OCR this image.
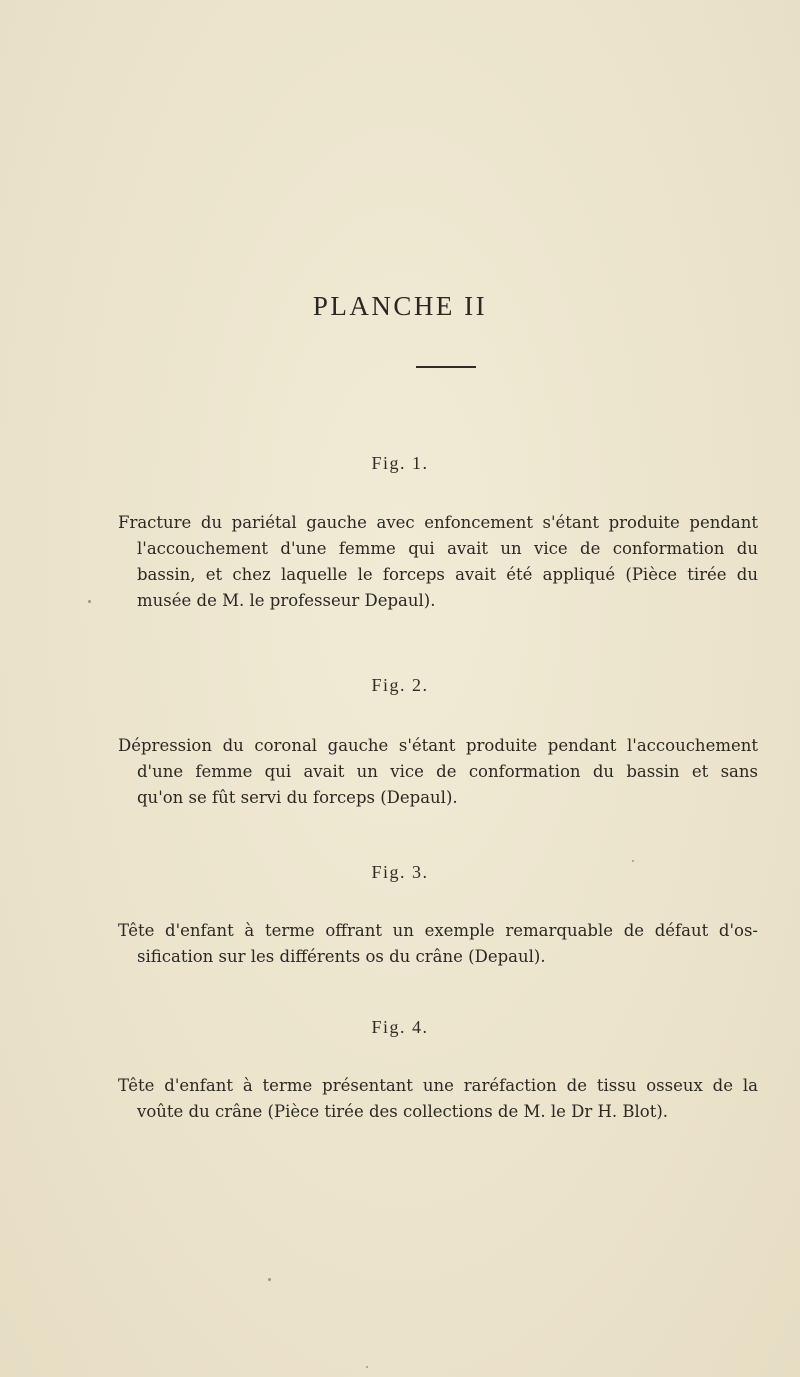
PLANCHE II
Fig. 1.
Fracture du pariétal gauche avec enfoncement s'étant produite pendant
l'accouchement d'une femme qui avait un vice de conformation du
bassin, et chez laquelle le forceps avait été appliqué (Pièce tirée du
musée de M. le professeur Depaul).
Fig. 2.
Dépression du coronal gauche s'étant produite pendant l'accouchement
d'une femme qui avait un vice de conformation du bassin et sans
qu'on se fût servi du forceps (Depaul).
Fig. 3.
Tête d'enfant à terme offrant un exemple remarquable de défaut d'os-
sification sur les différents os du crâne (Depaul).
Fig. 4.
Tête d'enfant à terme présentant une raréfaction de tissu osseux de la
voûte du crâne (Pièce tirée des collections de M. le Dr H. Blot).
